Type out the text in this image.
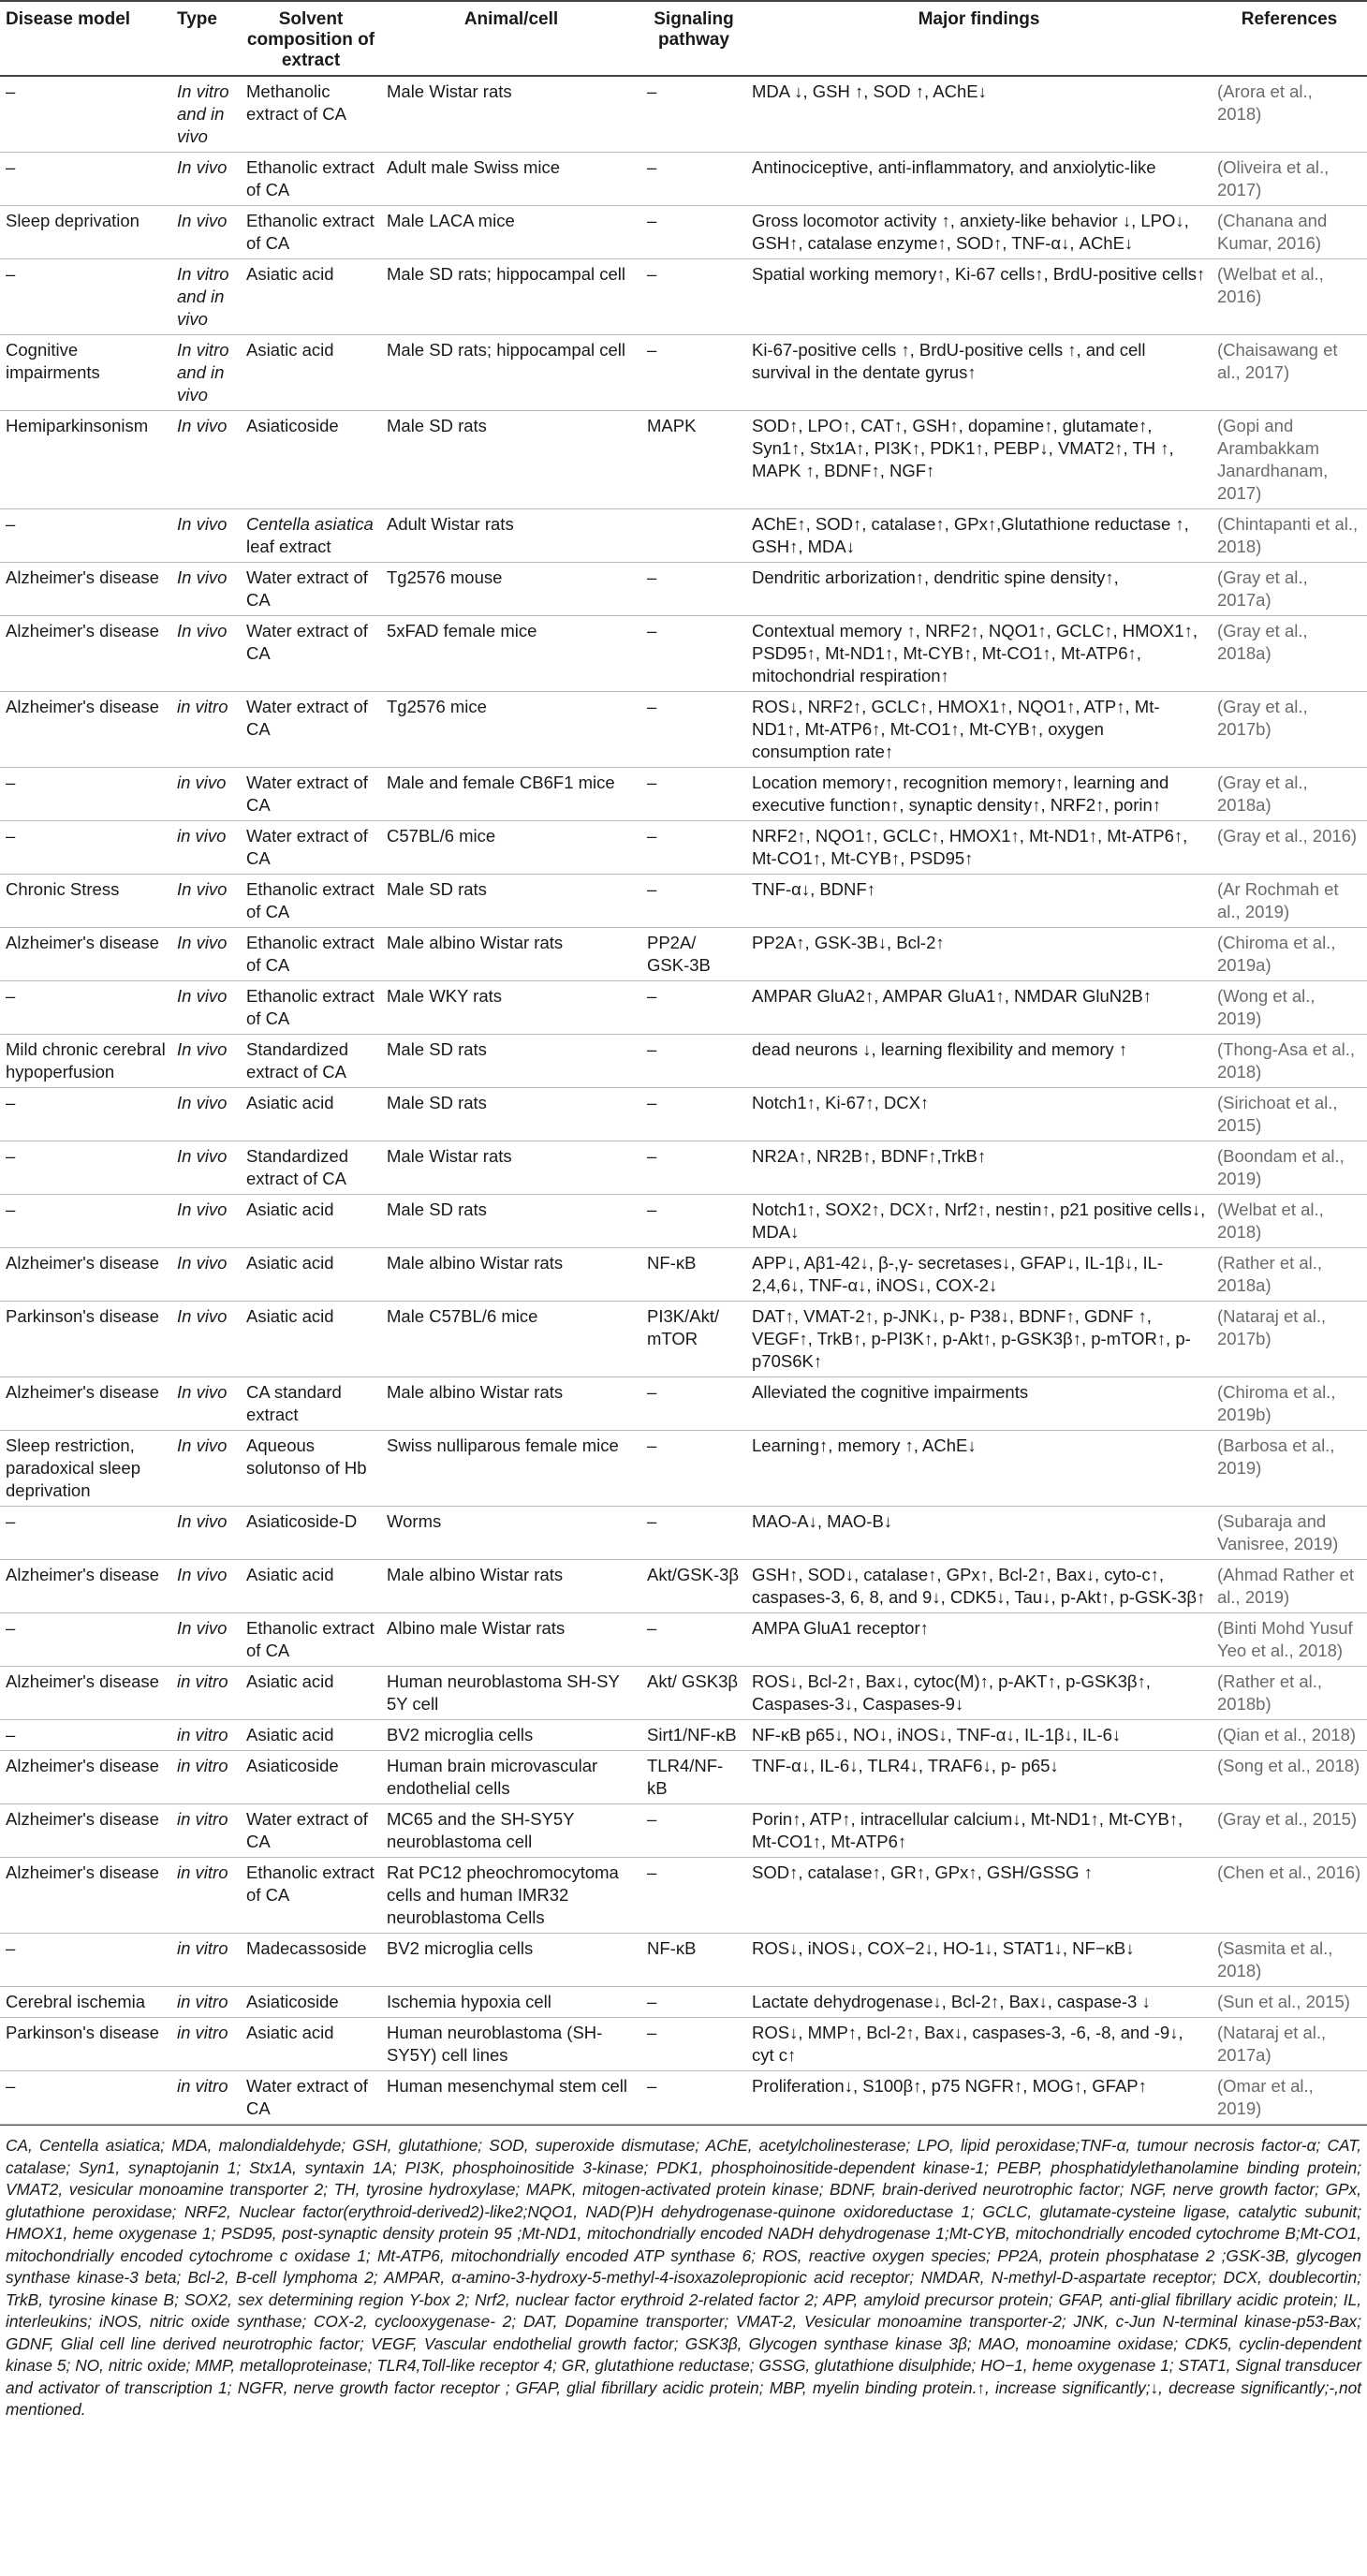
Disease model	Type	Solvent composition of extract	Animal/cell	Signaling pathway	Major findings	References
–	In vitro and in vivo	Methanolic extract of CA	Male Wistar rats	–	MDA ↓, GSH ↑, SOD ↑, AChE↓	(Arora et al., 2018)
–	In vivo	Ethanolic extract of CA	Adult male Swiss mice	–	Antinociceptive, anti-inflammatory, and anxiolytic-like	(Oliveira et al., 2017)
Sleep deprivation	In vivo	Ethanolic extract of CA	Male LACA mice	–	Gross locomotor activity ↑, anxiety-like behavior ↓, LPO↓, GSH↑, catalase enzyme↑, SOD↑, TNF-α↓, AChE↓	(Chanana and Kumar, 2016)
–	In vitro and in vivo	Asiatic acid	Male SD rats; hippocampal cell	–	Spatial working memory↑, Ki-67 cells↑, BrdU-positive cells↑	(Welbat et al., 2016)
Cognitive impairments	In vitro and in vivo	Asiatic acid	Male SD rats; hippocampal cell	–	Ki-67-positive cells ↑, BrdU-positive cells ↑, and cell survival in the dentate gyrus↑	(Chaisawang et al., 2017)
Hemiparkinsonism	In vivo	Asiaticoside	Male SD rats	MAPK	SOD↑, LPO↑, CAT↑, GSH↑, dopamine↑, glutamate↑, Syn1↑, Stx1A↑, PI3K↑, PDK1↑, PEBP↓, VMAT2↑, TH ↑, MAPK ↑, BDNF↑, NGF↑	(Gopi and Arambakkam Janardhanam, 2017)
–	In vivo	Centella asiatica leaf extract	Adult Wistar rats		AChE↑, SOD↑, catalase↑, GPx↑,Glutathione reductase ↑, GSH↑, MDA↓	(Chintapanti et al., 2018)
Alzheimer's disease	In vivo	Water extract of CA	Tg2576 mouse	–	Dendritic arborization↑, dendritic spine density↑,	(Gray et al., 2017a)
Alzheimer's disease	In vivo	Water extract of CA	5xFAD female mice	–	Contextual memory ↑, NRF2↑, NQO1↑, GCLC↑, HMOX1↑, PSD95↑, Mt-ND1↑, Mt-CYB↑, Mt-CO1↑, Mt-ATP6↑, mitochondrial respiration↑	(Gray et al., 2018a)
Alzheimer's disease	in vitro	Water extract of CA	Tg2576 mice	–	ROS↓, NRF2↑, GCLC↑, HMOX1↑, NQO1↑, ATP↑, Mt-ND1↑, Mt-ATP6↑, Mt-CO1↑, Mt-CYB↑, oxygen consumption rate↑	(Gray et al., 2017b)
–	in vivo	Water extract of CA	Male and female CB6F1 mice	–	Location memory↑, recognition memory↑, learning and executive function↑, synaptic density↑, NRF2↑, porin↑	(Gray et al., 2018a)
–	in vivo	Water extract of CA	C57BL/6 mice	–	NRF2↑, NQO1↑, GCLC↑, HMOX1↑, Mt-ND1↑, Mt-ATP6↑, Mt-CO1↑, Mt-CYB↑, PSD95↑	(Gray et al., 2016)
Chronic Stress	In vivo	Ethanolic extract of CA	Male SD rats	–	TNF-α↓, BDNF↑	(Ar Rochmah et al., 2019)
Alzheimer's disease	In vivo	Ethanolic extract of CA	Male albino Wistar rats	PP2A/ GSK-3B	PP2A↑, GSK-3B↓, Bcl-2↑	(Chiroma et al., 2019a)
–	In vivo	Ethanolic extract of CA	Male WKY rats	–	AMPAR GluA2↑, AMPAR GluA1↑, NMDAR GluN2B↑	(Wong et al., 2019)
Mild chronic cerebral hypoperfusion	In vivo	Standardized extract of CA	Male SD rats	–	dead neurons ↓, learning flexibility and memory ↑	(Thong-Asa et al., 2018)
–	In vivo	Asiatic acid	Male SD rats	–	Notch1↑, Ki-67↑, DCX↑	(Sirichoat et al., 2015)
–	In vivo	Standardized extract of CA	Male Wistar rats	–	NR2A↑, NR2B↑, BDNF↑,TrkB↑	(Boondam et al., 2019)
–	In vivo	Asiatic acid	Male SD rats	–	Notch1↑, SOX2↑, DCX↑, Nrf2↑, nestin↑, p21 positive cells↓, MDA↓	(Welbat et al., 2018)
Alzheimer's disease	In vivo	Asiatic acid	Male albino Wistar rats	NF-κB	APP↓, Aβ1-42↓, β-,γ- secretases↓, GFAP↓, IL-1β↓, IL-2,4,6↓, TNF-α↓, iNOS↓, COX-2↓	(Rather et al., 2018a)
Parkinson's disease	In vivo	Asiatic acid	Male C57BL/6 mice	PI3K/Akt/ mTOR	DAT↑, VMAT-2↑, p-JNK↓, p- P38↓, BDNF↑, GDNF ↑, VEGF↑, TrkB↑, p-PI3K↑, p-Akt↑, p-GSK3β↑, p-mTOR↑, p- p70S6K↑	(Nataraj et al., 2017b)
Alzheimer's disease	In vivo	CA standard extract	Male albino Wistar rats	–	Alleviated the cognitive impairments	(Chiroma et al., 2019b)
Sleep restriction, paradoxical sleep deprivation	In vivo	Aqueous solutonso of Hb	Swiss nulliparous female mice	–	Learning↑, memory ↑, AChE↓	(Barbosa et al., 2019)
–	In vivo	Asiaticoside-D	Worms	–	MAO-A↓, MAO-B↓	(Subaraja and Vanisree, 2019)
Alzheimer's disease	In vivo	Asiatic acid	Male albino Wistar rats	Akt/GSK-3β	GSH↑, SOD↓, catalase↑, GPx↑, Bcl-2↑, Bax↓, cyto-c↑, caspases-3, 6, 8, and 9↓, CDK5↓, Tau↓, p-Akt↑, p-GSK-3β↑	(Ahmad Rather et al., 2019)
–	In vivo	Ethanolic extract of CA	Albino male Wistar rats	–	AMPA GluA1 receptor↑	(Binti Mohd Yusuf Yeo et al., 2018)
Alzheimer's disease	in vitro	Asiatic acid	Human neuroblastoma SH-SY 5Y cell	Akt/ GSK3β	ROS↓, Bcl-2↑, Bax↓, cytoc(M)↑, p-AKT↑, p-GSK3β↑, Caspases-3↓, Caspases-9↓	(Rather et al., 2018b)
–	in vitro	Asiatic acid	BV2 microglia cells	Sirt1/NF-κB	NF-κB p65↓, NO↓, iNOS↓, TNF-α↓, IL-1β↓, IL-6↓	(Qian et al., 2018)
Alzheimer's disease	in vitro	Asiaticoside	Human brain microvascular endothelial cells	TLR4/NF-kB	TNF-α↓, IL-6↓, TLR4↓, TRAF6↓, p- p65↓	(Song et al., 2018)
Alzheimer's disease	in vitro	Water extract of CA	MC65 and the SH-SY5Y neuroblastoma cell	–	Porin↑, ATP↑, intracellular calcium↓, Mt-ND1↑, Mt-CYB↑, Mt-CO1↑, Mt-ATP6↑	(Gray et al., 2015)
Alzheimer's disease	in vitro	Ethanolic extract of CA	Rat PC12 pheochromocytoma cells and human IMR32 neuroblastoma Cells	–	SOD↑, catalase↑, GR↑, GPx↑, GSH/GSSG ↑	(Chen et al., 2016)
–	in vitro	Madecassoside	BV2 microglia cells	NF-κB	ROS↓, iNOS↓, COX−2↓, HO-1↓, STAT1↓, NF−κB↓	(Sasmita et al., 2018)
Cerebral ischemia	in vitro	Asiaticoside	Ischemia hypoxia cell	–	Lactate dehydrogenase↓, Bcl-2↑, Bax↓, caspase-3 ↓	(Sun et al., 2015)
Parkinson's disease	in vitro	Asiatic acid	Human neuroblastoma (SH-SY5Y) cell lines	–	ROS↓, MMP↑, Bcl-2↑, Bax↓, caspases-3, -6, -8, and -9↓, cyt c↑	(Nataraj et al., 2017a)
–	in vitro	Water extract of CA	Human mesenchymal stem cell	–	Proliferation↓, S100β↑, p75 NGFR↑, MOG↑, GFAP↑	(Omar et al., 2019)
CA, Centella asiatica; MDA, malondialdehyde; GSH, glutathione; SOD, superoxide dismutase; AChE, acetylcholinesterase; LPO, lipid peroxidase;TNF-α, tumour necrosis factor-α; CAT, catalase; Syn1, synaptojanin 1; Stx1A, syntaxin 1A; PI3K, phosphoinositide 3-kinase; PDK1, phosphoinositide-dependent kinase-1; PEBP, phosphatidylethanolamine binding protein; VMAT2, vesicular monoamine transporter 2; TH, tyrosine hydroxylase; MAPK, mitogen-activated protein kinase; BDNF, brain-derived neurotrophic factor; NGF, nerve growth factor; GPx, glutathione peroxidase; NRF2, Nuclear factor(erythroid-derived2)-like2;NQO1, NAD(P)H dehydrogenase-quinone oxidoreductase 1; GCLC, glutamate-cysteine ligase, catalytic subunit; HMOX1, heme oxygenase 1; PSD95, post-synaptic density protein 95 ;Mt-ND1, mitochondrially encoded NADH dehydrogenase 1;Mt-CYB, mitochondrially encoded cytochrome B;Mt-CO1, mitochondrially encoded cytochrome c oxidase 1; Mt-ATP6, mitochondrially encoded ATP synthase 6; ROS, reactive oxygen species; PP2A, protein phosphatase 2 ;GSK-3B, glycogen synthase kinase-3 beta; Bcl-2, B-cell lymphoma 2; AMPAR, α-amino-3-hydroxy-5-methyl-4-isoxazolepropionic acid receptor; NMDAR, N-methyl-D-aspartate receptor; DCX, doublecortin; TrkB, tyrosine kinase B; SOX2, sex determining region Y-box 2; Nrf2, nuclear factor erythroid 2-related factor 2; APP, amyloid precursor protein; GFAP, anti-glial fibrillary acidic protein; IL, interleukins; iNOS, nitric oxide synthase; COX-2, cyclooxygenase- 2; DAT, Dopamine transporter; VMAT-2, Vesicular monoamine transporter-2; JNK, c-Jun N-terminal kinase-p53-Bax; GDNF, Glial cell line derived neurotrophic factor; VEGF, Vascular endothelial growth factor; GSK3β, Glycogen synthase kinase 3β; MAO, monoamine oxidase; CDK5, cyclin-dependent kinase 5; NO, nitric oxide; MMP, metalloproteinase; TLR4,Toll-like receptor 4; GR, glutathione reductase; GSSG, glutathione disulphide; HO−1, heme oxygenase 1; STAT1, Signal transducer and activator of transcription 1; NGFR, nerve growth factor receptor ; GFAP, glial fibrillary acidic protein; MBP, myelin binding protein.↑, increase significantly;↓, decrease significantly;-,not mentioned.
